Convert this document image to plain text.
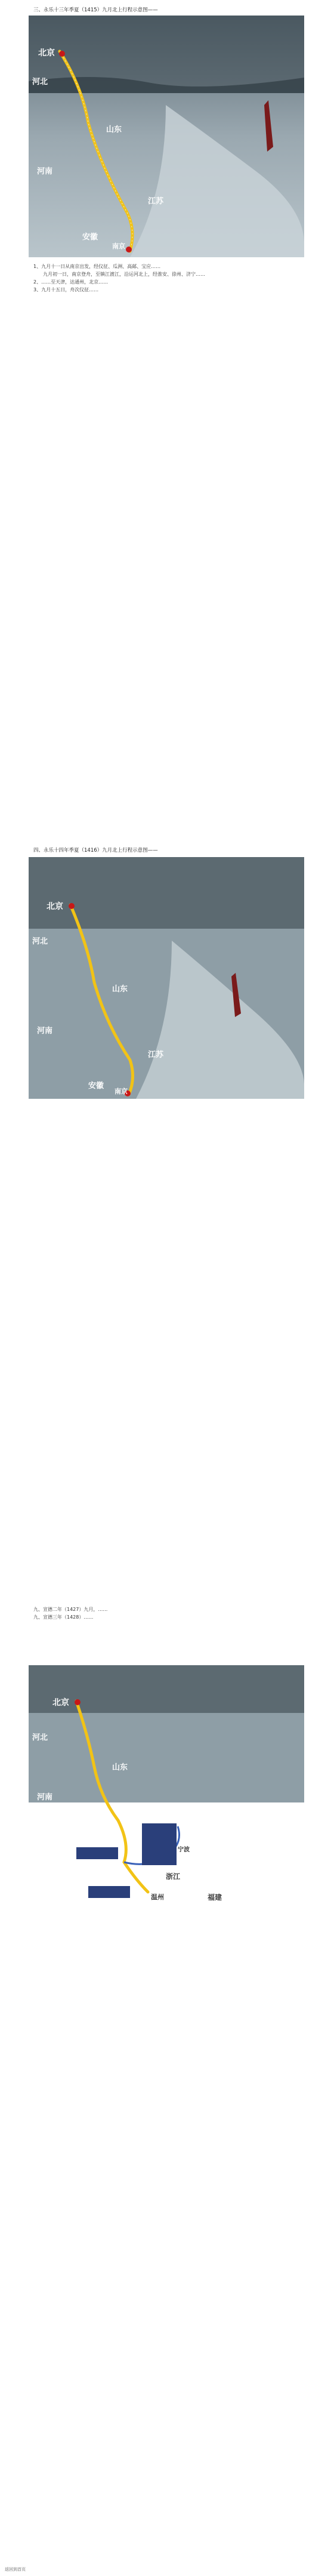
三、永乐十三年季夏（1415）九月北上行程示意图——
北京
河北
山东
河南
江苏
安徽
南京
1、九月十一日从南京出发，经仪征、瓜洲、高邮、宝应……
　　九月初一日，南京登舟，至镇江渡江，沿运河北上，经淮安、徐州、济宁……
2、……至天津，达通州，北京……
3、九月十五日，舟次仪征……

四、永乐十四年季夏（1416）九月北上行程示意图——
北京
河北
山东
河南
江苏
安徽
南京
九、宣德二年（1427）九月，……
九、宣德三年（1428）……
北京
河北
山东
河南
宁波
浙江
温州	福建
返回到首页
